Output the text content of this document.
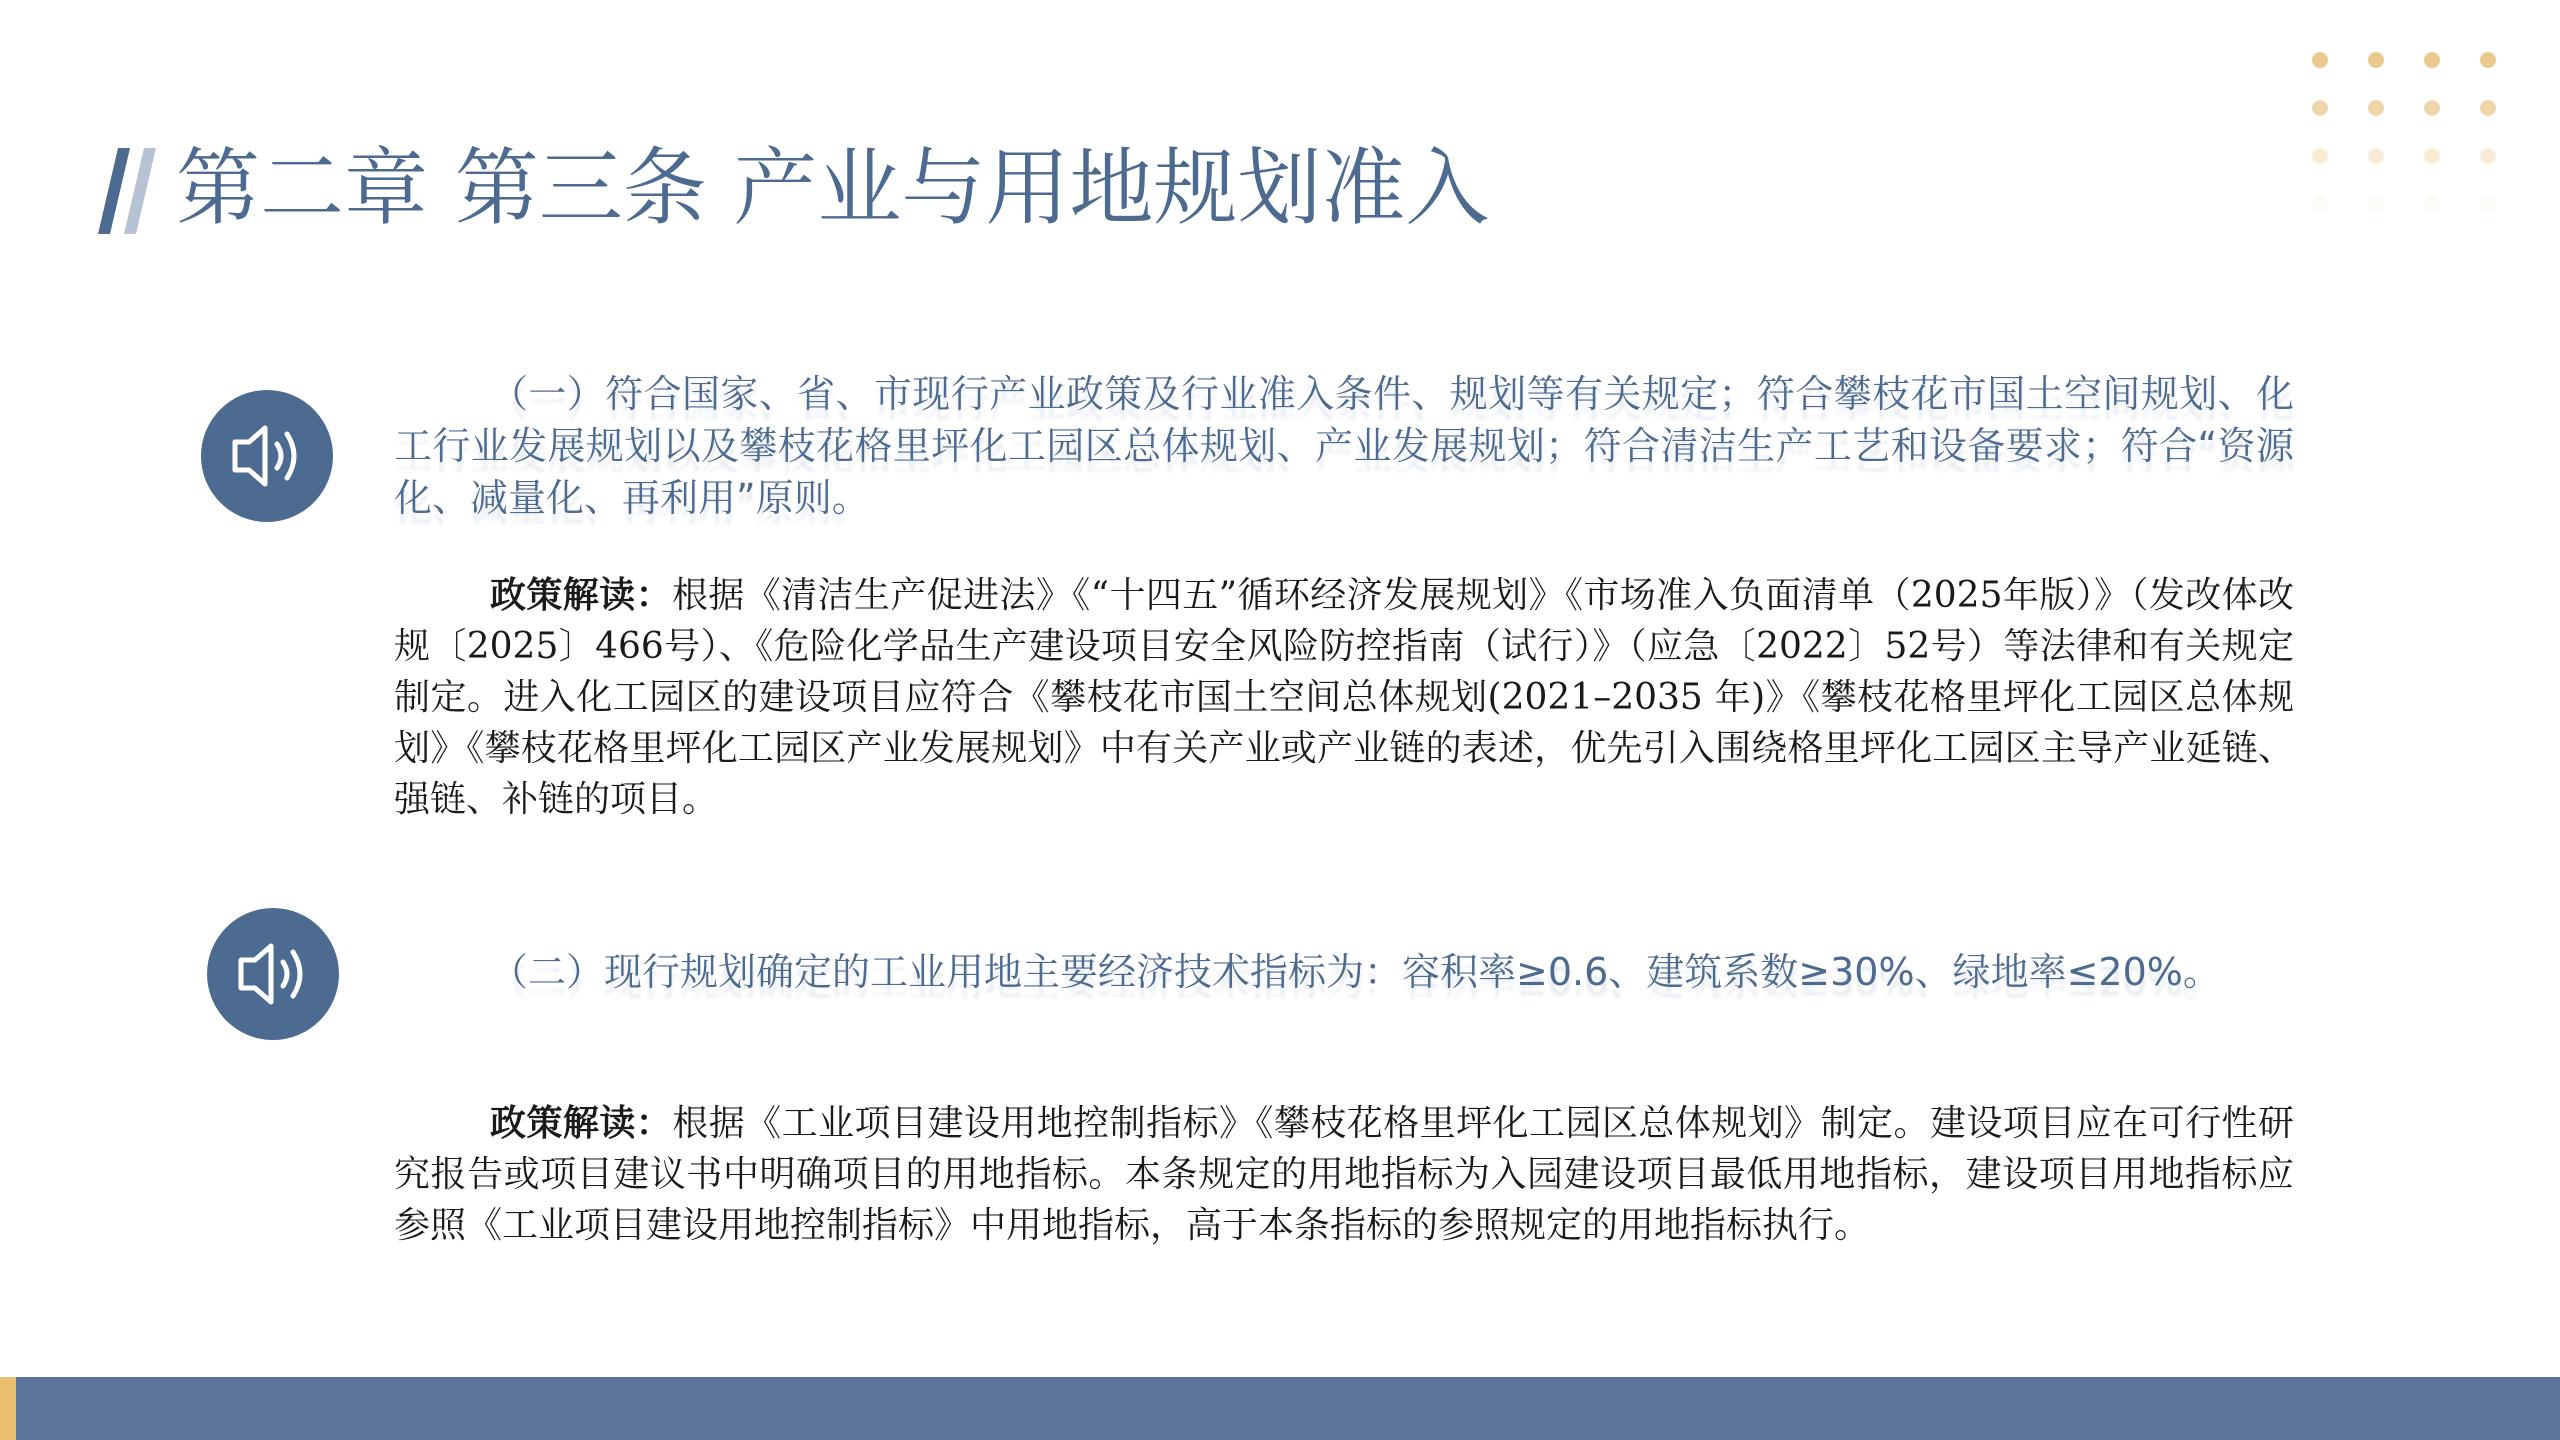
第二章 第三条 产业与用地规划准入

（一）符合国家、省、市现行产业政策及行业准入条件、规划等有关规定；符合攀枝花市国土空间规划、化工行业发展规划以及攀枝花格里坪化工园区总体规划、产业发展规划；符合清洁生产工艺和设备要求；符合“资源化、减量化、再利用”原则。

政策解读：根据《清洁生产促进法》《“十四五”循环经济发展规划》《市场准入负面清单（2025年版）》（发改体改规〔2025〕466号）、《危险化学品生产建设项目安全风险防控指南（试行）》（应急〔2022〕52号）等法律和有关规定制定。进入化工园区的建设项目应符合《攀枝花市国土空间总体规划(2021–2035 年)》《攀枝花格里坪化工园区总体规划》《攀枝花格里坪化工园区产业发展规划》中有关产业或产业链的表述，优先引入围绕格里坪化工园区主导产业延链、强链、补链的项目。

（二）现行规划确定的工业用地主要经济技术指标为：容积率≥0.6、建筑系数≥30%、绿地率≤20%。

政策解读：根据《工业项目建设用地控制指标》《攀枝花格里坪化工园区总体规划》制定。建设项目应在可行性研究报告或项目建议书中明确项目的用地指标。本条规定的用地指标为入园建设项目最低用地指标，建设项目用地指标应参照《工业项目建设用地控制指标》中用地指标，高于本条指标的参照规定的用地指标执行。
